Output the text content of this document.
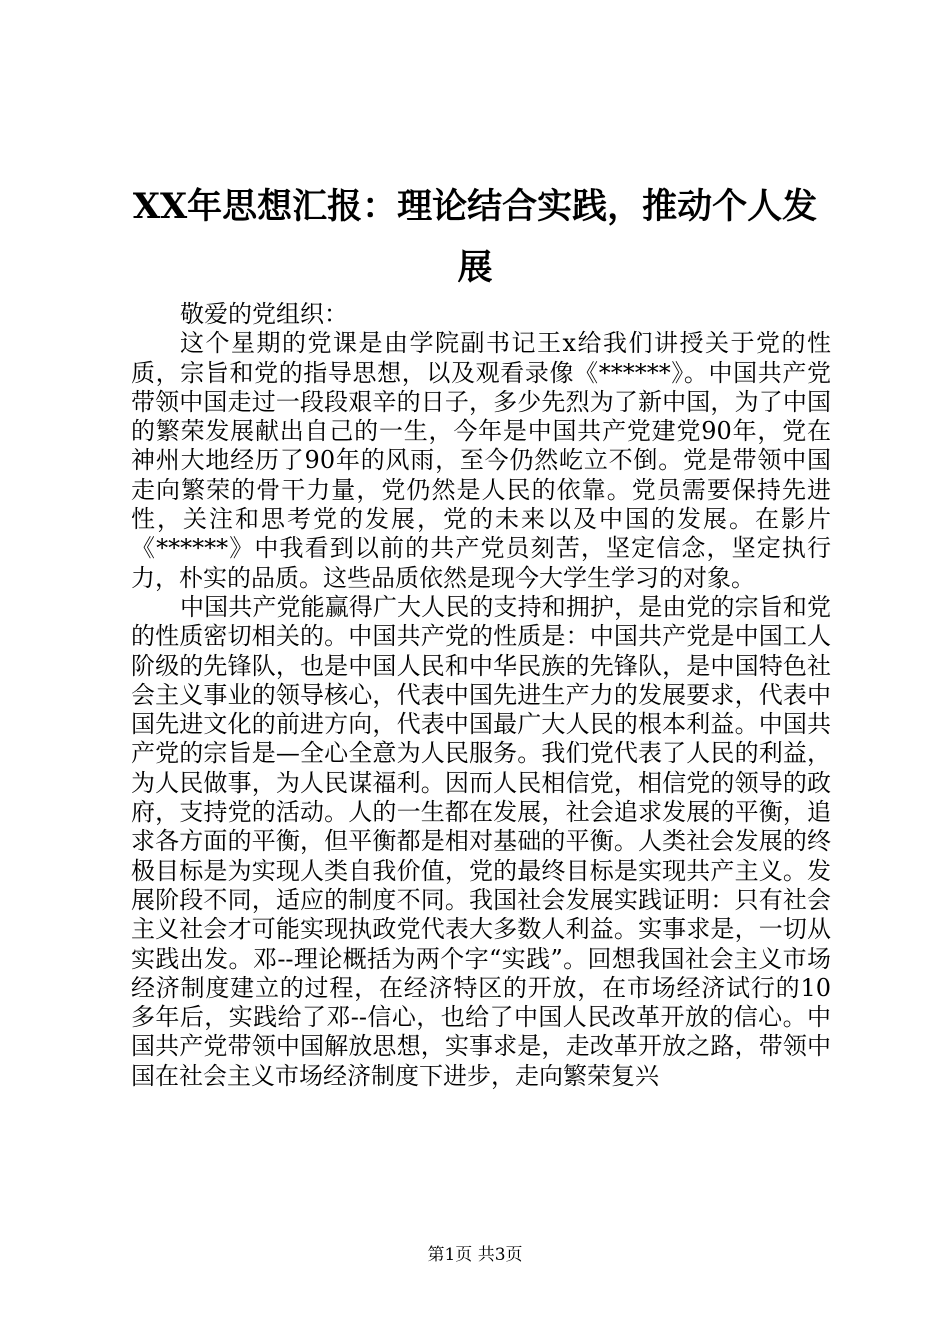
XX年思想汇报：理论结合实践，推动个人发展

敬爱的党组织：

这个星期的党课是由学院副书记王x给我们讲授关于党的性质，宗旨和党的指导思想，以及观看录像《******》。中国共产党带领中国走过一段段艰辛的日子，多少先烈为了新中国，为了中国的繁荣发展献出自己的一生，今年是中国共产党建党90年，党在神州大地经历了90年的风雨，至今仍然屹立不倒。党是带领中国走向繁荣的骨干力量，党仍然是人民的依靠。党员需要保持先进性，关注和思考党的发展，党的未来以及中国的发展。在影片《******》中我看到以前的共产党员刻苦，坚定信念，坚定执行力，朴实的品质。这些品质依然是现今大学生学习的对象。

中国共产党能赢得广大人民的支持和拥护，是由党的宗旨和党的性质密切相关的。中国共产党的性质是：中国共产党是中国工人阶级的先锋队，也是中国人民和中华民族的先锋队，是中国特色社会主义事业的领导核心，代表中国先进生产力的发展要求，代表中国先进文化的前进方向，代表中国最广大人民的根本利益。中国共产党的宗旨是—全心全意为人民服务。我们党代表了人民的利益，为人民做事，为人民谋福利。因而人民相信党，相信党的领导的政府，支持党的活动。人的一生都在发展，社会追求发展的平衡，追求各方面的平衡，但平衡都是相对基础的平衡。人类社会发展的终极目标是为实现人类自我价值，党的最终目标是实现共产主义。发展阶段不同，适应的制度不同。我国社会发展实践证明：只有社会主义社会才可能实现执政党代表大多数人利益。实事求是，一切从实践出发。邓--理论概括为两个字“实践”。回想我国社会主义市场经济制度建立的过程，在经济特区的开放，在市场经济试行的10多年后，实践给了邓--信心，也给了中国人民改革开放的信心。中国共产党带领中国解放思想，实事求是，走改革开放之路，带领中国在社会主义市场经济制度下进步，走向繁荣复兴

第1页 共3页
